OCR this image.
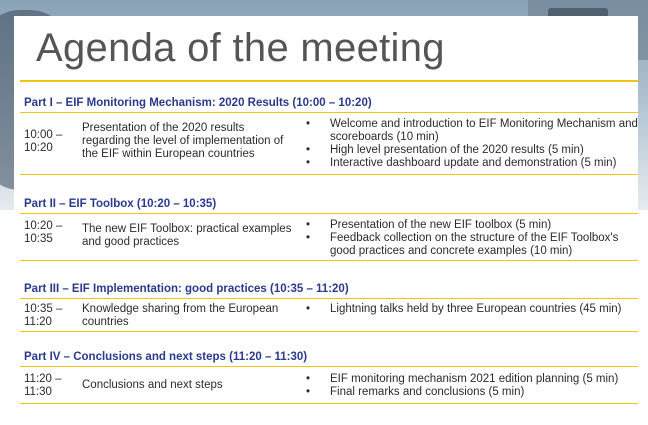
Agenda of the meeting
Part I – EIF Monitoring Mechanism: 2020 Results (10:00 – 10:20)
10:00 –
10:20
Presentation of the 2020 results regarding the level of implementation of the EIF within European countries
• Welcome and introduction to EIF Monitoring Mechanism and scoreboards (10 min)
• High level presentation of the 2020 results (5 min)
• Interactive dashboard update and demonstration (5 min)
Part II – EIF Toolbox (10:20 – 10:35)
10:20 –
10:35
The new EIF Toolbox: practical examples and good practices
• Presentation of the new EIF toolbox (5 min)
• Feedback collection on the structure of the EIF Toolbox's good practices and concrete examples (10 min)
Part III – EIF Implementation: good practices (10:35 – 11:20)
10:35 –
11:20
Knowledge sharing from the European countries
• Lightning talks held by three European countries (45 min)
Part IV – Conclusions and next steps (11:20 – 11:30)
11:20 –
11:30
Conclusions and next steps	• EIF monitoring mechanism 2021 edition planning (5 min)
• Final remarks and conclusions (5 min)
